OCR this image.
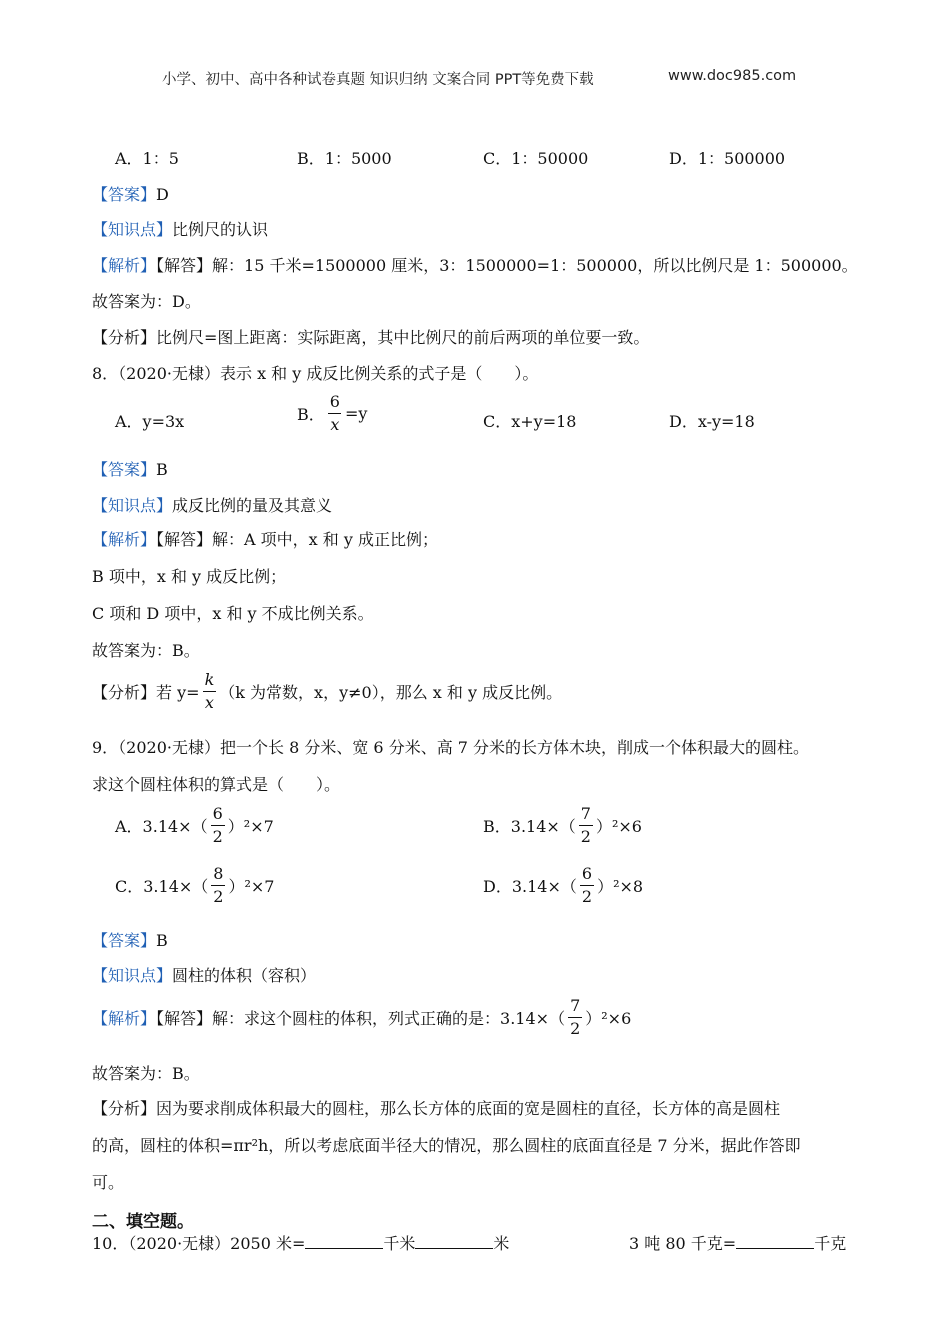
小学、初中、高中各种试卷真题 知识归纳 文案合同 PPT等免费下载	www.doc985.com
A．1：5	B．1：5000	C．1：50000	D．1：500000
【答案】D
【知识点】比例尺的认识
【解析】【解答】解：15 千米=1500000 厘米，3：1500000=1：500000，所以比例尺是 1：500000。
故答案为：D。
【分析】比例尺=图上距离：实际距离，其中比例尺的前后两项的单位要一致。
8．（2020·无棣）表示 x 和 y 成反比例关系的式子是（　　）。
A．y=3x	B． $\frac{6}{x} =y$	C．x+y=18	D．x-y=18
【答案】B
【知识点】成反比例的量及其意义
【解析】【解答】解：A 项中，x 和 y 成正比例；
B 项中，x 和 y 成反比例；
C 项和 D 项中，x 和 y 不成比例关系。
故答案为：B。
【分析】若 $y= \frac{k}{x} (k$ 为常数，x，y≠0），那么 x 和 y 成反比例。
9．（2020·无棣）把一个长 8 分米、宽 6 分米、高 7 分米的长方体木块，削成一个体积最大的圆柱。
求这个圆柱体积的算式是（　　）。
A．$3.14\times( \frac{6}{2} )^2\times 7$	B．$3.14\times( \frac{7}{2} )^2\times 6$
C．$3.14\times( \frac{8}{2} )^2\times 7$	D．$3.14\times( \frac{6}{2} )^2\times 8$
【答案】B
【知识点】圆柱的体积（容积）
【解析】【解答】解：求这个圆柱的体积，列式正确的是：$3.14\times( \frac{7}{2} )^2\times 6$
故答案为：B。
【分析】因为要求削成体积最大的圆柱，那么长方体的底面的宽是圆柱的直径，长方体的高是圆柱
的高，圆柱的体积=πr²h，所以考虑底面半径大的情况，那么圆柱的底面直径是 7 分米，据此作答即
可。
二、填空题。
10．（2020·无棣）2050 米=	千米	米	3 吨 80 千克=	千克
